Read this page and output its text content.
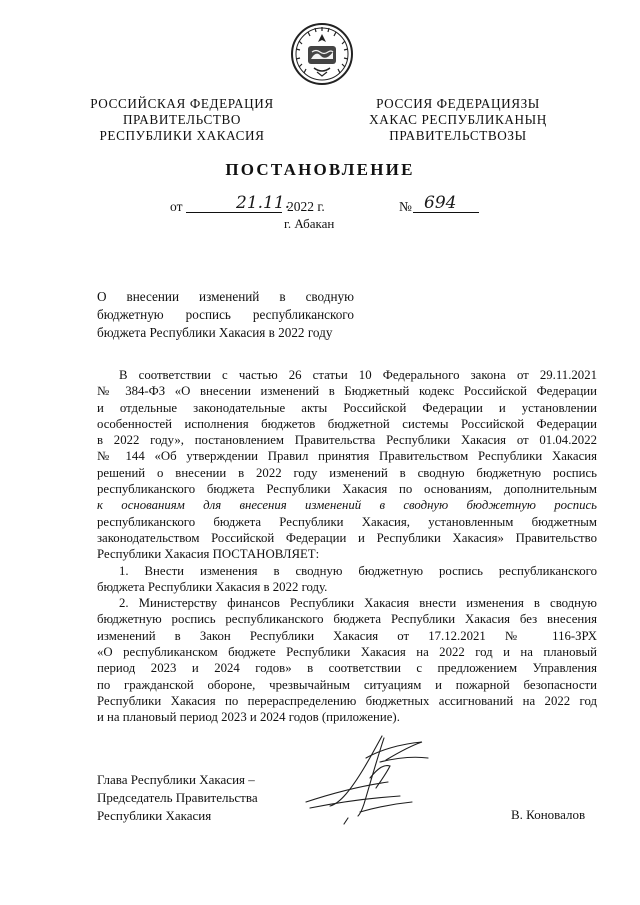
РОССИЙСКАЯ ФЕДЕРАЦИЯ
ПРАВИТЕЛЬСТВО
РЕСПУБЛИКИ ХАКАСИЯ
РОССИЯ ФЕДЕРАЦИЯЗЫ
ХАКАС РЕСПУБЛИКАНЫҢ
ПРАВИТЕЛЬСТВОЗЫ
ПОСТАНОВЛЕНИЕ
от	21.11.
2022 г.	№ 694
г. Абакан
О внесении изменений в сводную
бюджетную роспись республиканского
бюджета Республики Хакасия в 2022 году
В соответствии с частью 26 статьи 10 Федерального закона от 29.11.2021
№ 384-ФЗ «О внесении изменений в Бюджетный кодекс Российской Федерации
и отдельные законодательные акты Российской Федерации и установлении
особенностей исполнения бюджетов бюджетной системы Российской Федерации
в 2022 году», постановлением Правительства Республики Хакасия от 01.04.2022
№ 144 «Об утверждении Правил принятия Правительством Республики Хакасия
решений о внесении в 2022 году изменений в сводную бюджетную роспись
республиканского бюджета Республики Хакасия по основаниям, дополнительным
к основаниям для внесения изменений в сводную бюджетную роспись
республиканского бюджета Республики Хакасия, установленным бюджетным
законодательством Российской Федерации и Республики Хакасия» Правительство
Республики Хакасия ПОСТАНОВЛЯЕТ:
1. Внести изменения в сводную бюджетную роспись республиканского
бюджета Республики Хакасия в 2022 году.
2. Министерству финансов Республики Хакасия внести изменения в сводную
бюджетную роспись республиканского бюджета Республики Хакасия без внесения
изменений в Закон Республики Хакасия от 17.12.2021 № 116-ЗРХ
«О республиканском бюджете Республики Хакасия на 2022 год и на плановый
период 2023 и 2024 годов» в соответствии с предложением Управления
по гражданской обороне, чрезвычайным ситуациям и пожарной безопасности
Республики Хакасия по перераспределению бюджетных ассигнований на 2022 год
и на плановый период 2023 и 2024 годов (приложение).
Глава Республики Хакасия –
Председатель Правительства
Республики Хакасия	В. Коновалов
